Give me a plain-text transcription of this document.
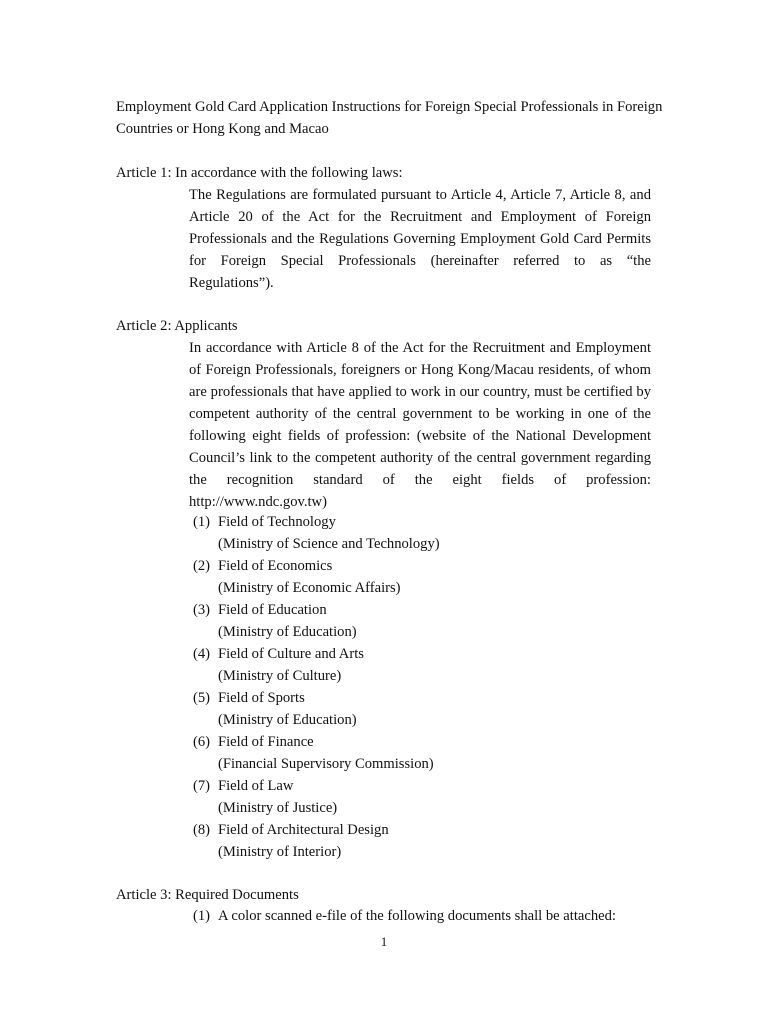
Employment Gold Card Application Instructions for Foreign Special Professionals in Foreign Countries or Hong Kong and Macao

Article 1: In accordance with the following laws:

The Regulations are formulated pursuant to Article 4, Article 7, Article 8, and Article 20 of the Act for the Recruitment and Employment of Foreign Professionals and the Regulations Governing Employment Gold Card Permits for Foreign Special Professionals (hereinafter referred to as “the Regulations”).

Article 2: Applicants

In accordance with Article 8 of the Act for the Recruitment and Employment of Foreign Professionals, foreigners or Hong Kong/Macau residents, of whom are professionals that have applied to work in our country, must be certified by competent authority of the central government to be working in one of the following eight fields of profession: (website of the National Development Council’s link to the competent authority of the central government regarding the recognition standard of the eight fields of profession: http://www.ndc.gov.tw)

(1) Field of Technology
(Ministry of Science and Technology)
(2) Field of Economics
(Ministry of Economic Affairs)
(3) Field of Education
(Ministry of Education)
(4) Field of Culture and Arts
(Ministry of Culture)
(5) Field of Sports
(Ministry of Education)
(6) Field of Finance
(Financial Supervisory Commission)
(7) Field of Law
(Ministry of Justice)
(8) Field of Architectural Design
(Ministry of Interior)

Article 3: Required Documents

(1) A color scanned e-file of the following documents shall be attached:
1
